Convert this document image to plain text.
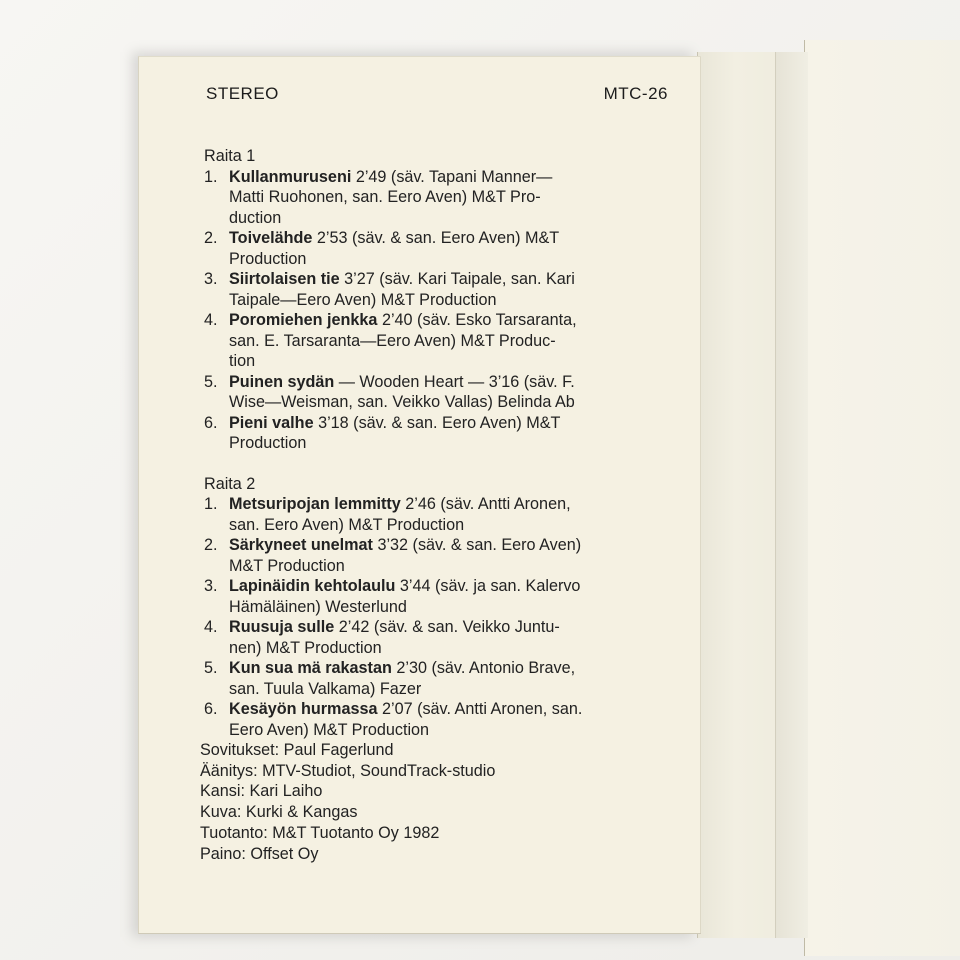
STEREO	MTC-26
Raita 1
1. Kullanmuruseni 2’49 (säv. Tapani Manner—
Matti Ruohonen, san. Eero Aven) M&T Pro-
duction
2. Toivelähde 2’53 (säv. & san. Eero Aven) M&T
Production
3. Siirtolaisen tie 3’27 (säv. Kari Taipale, san. Kari
Taipale—Eero Aven) M&T Production
4. Poromiehen jenkka 2’40 (säv. Esko Tarsaranta,
san. E. Tarsaranta—Eero Aven) M&T Produc-
tion
5. Puinen sydän — Wooden Heart — 3’16 (säv. F.
Wise—Weisman, san. Veikko Vallas) Belinda Ab
6. Pieni valhe 3’18 (säv. & san. Eero Aven) M&T
Production
Raita 2
1. Metsuripojan lemmitty 2’46 (säv. Antti Aronen,
san. Eero Aven) M&T Production
2. Särkyneet unelmat 3’32 (säv. & san. Eero Aven)
M&T Production
3. Lapinäidin kehtolaulu 3’44 (säv. ja san. Kalervo
Hämäläinen) Westerlund
4. Ruusuja sulle 2’42 (säv. & san. Veikko Juntu-
nen) M&T Production
5. Kun sua mä rakastan 2’30 (säv. Antonio Brave,
san. Tuula Valkama) Fazer
6. Kesäyön hurmassa 2’07 (säv. Antti Aronen, san.
Eero Aven) M&T Production
Sovitukset: Paul Fagerlund
Äänitys: MTV-Studiot, SoundTrack-studio
Kansi: Kari Laiho
Kuva: Kurki & Kangas
Tuotanto: M&T Tuotanto Oy 1982
Paino: Offset Oy
